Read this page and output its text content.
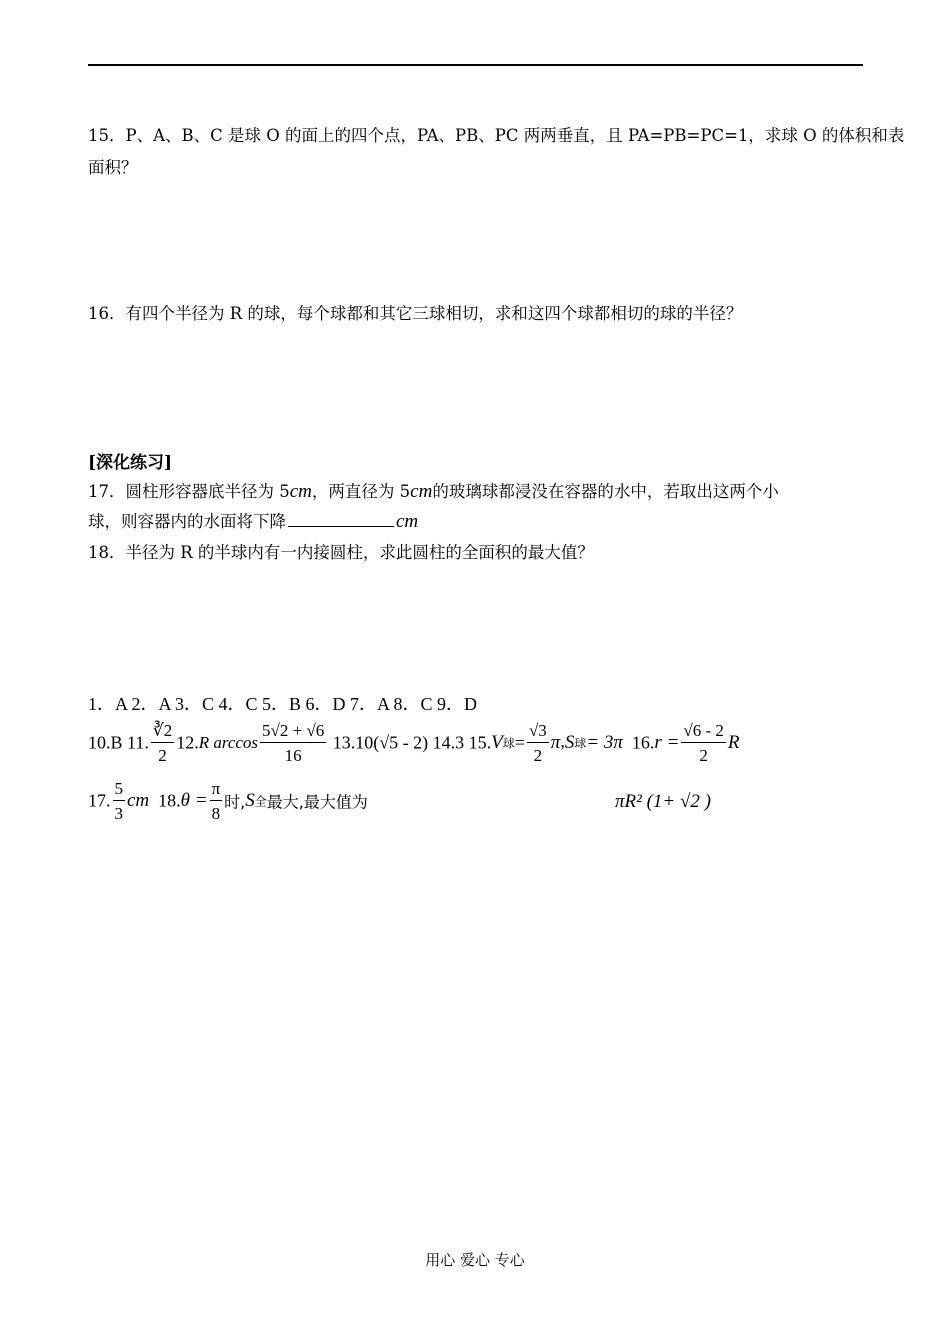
15．P、A、B、C 是球 O 的面上的四个点，PA、PB、PC 两两垂直，且 PA=PB=PC=1，求球 O 的体积和表
面积？
16．有四个半径为 R 的球，每个球都和其它三球相切，求和这四个球都相切的球的半径？
[深化练习]
17．圆柱形容器底半径为 5cm，两直径为 5cm的玻璃球都浸没在容器的水中，若取出这两个小
球，则容器内的水面将下降	cm
18．半径为 R 的半球内有一内接圆柱，求此圆柱的全面积的最大值？
1．A 2．A 3．C 4．C 5．B 6．D 7．A 8．C 9．D
10.B 11. $\frac{∛2}{2} 12.R$ $\arccos \frac{5√2 + √6}{16} 13.10(√5 - 2)$ 14.3 15.V球= $\frac{√3}{2} \pi,S$球= 3π $16.r = \frac{√6 - 2}{2}$ R
17. $\frac{5}{3}$ cm $18.\theta = \frac{\pi}{8}$ 时,S全最大,最大值为	πR² (1+ √2 )
用心 爱心 专心
